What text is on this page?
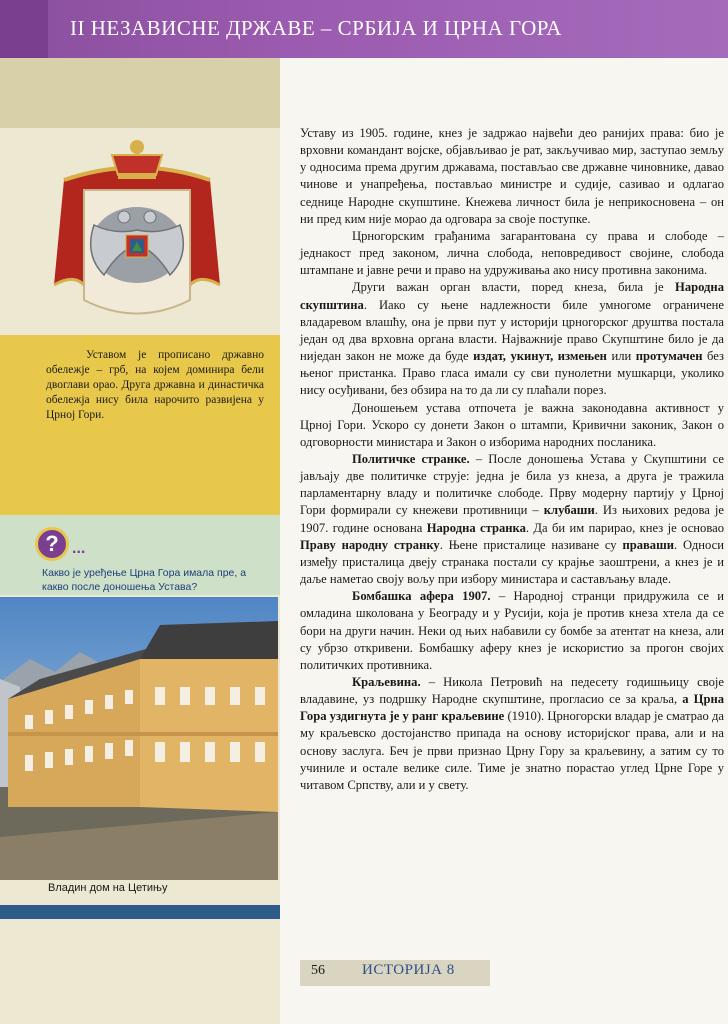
II НЕЗАВИСНЕ ДРЖАВЕ – СРБИЈА И ЦРНА ГОРА
Уставом је прописано државно обележје – грб, на којем доминира бели двоглави орао. Друга државна и династичка обележја нису била нарочито развијена у Црној Гори.
? ...
Какво је уређење Црна Гора имала пре, а какво после доношења Устава?
Владин дом на Цетињу

Уставу из 1905. године, кнез је задржао највећи део ранијих права: био је врховни командант војске, објављивао је рат, закључивао мир, заступао земљу у односима према другим државама, постављао све државне чиновнике, давао чинове и унапређења, постављао министре и судије, сазивао и одлагао седнице Народне скупштине. Кнежева личност била је неприкосновена – он ни пред ким није морао да одговара за своје поступке.

Црногорским грађанима загарантована су права и слободе – једнакост пред законом, лична слобода, неповредивост својине, слобода штампане и јавне речи и право на удруживања ако нису противна законима.

Други важан орган власти, поред кнеза, била је Народна скупштина. Иако су њене надлежности биле умногоме ограничене владаревом влашћу, она је први пут у историји црногорског друштва постала један од два врховна органа власти. Најважније право Скупштине било је да ниједан закон не може да буде издат, укинут, измењен или протумачен без њеног пристанка. Право гласа имали су сви пунолетни мушкарци, уколико нису осуђивани, без обзира на то да ли су плаћали порез.

Доношењем устава отпочета је важна законодавна активност у Црној Гори. Ускоро су донети Закон о штампи, Кривични законик, Закон о одговорности министара и Закон о изборима народних посланика.

Политичке странке. – После доношења Устава у Скупштини се јављају две политичке струје: једна је била уз кнеза, а друга је тражила парламентарну владу и политичке слободе. Прву модерну партију у Црној Гори формирали су кнежеви противници – клубаши. Из њихових редова је 1907. године основана Народна странка. Да би им парирао, кнез је основао Праву народну странку. Њене присталице називане су праваши. Односи између присталица двеју странака постали су крајње заоштрени, а кнез је и даље наметао своју вољу при избору министара и састављању владе.

Бомбашка афера 1907. – Народној странци придружила се и омладина школована у Београду и у Русији, која је против кнеза хтела да се бори на други начин. Неки од њих набавили су бомбе за атентат на кнеза, али су убрзо откривени. Бомбашку аферу кнез је искористио за прогон својих политичких противника.

Краљевина. – Никола Петровић на педесету годишњицу своје владавине, уз подршку Народне скупштине, прогласио се за краља, а Црна Гора уздигнута је у ранг краљевине (1910). Црногорски владар је сматрао да му краљевско достојанство припада на основу историјског права, али и на основу заслуга. Беч је први признао Црну Гору за краљевину, а затим су то учиниле и остале велике силе. Тиме је знатно порастао углед Црне Горе у читавом Српству, али и у свету.

56 ИСТОРИЈА 8
